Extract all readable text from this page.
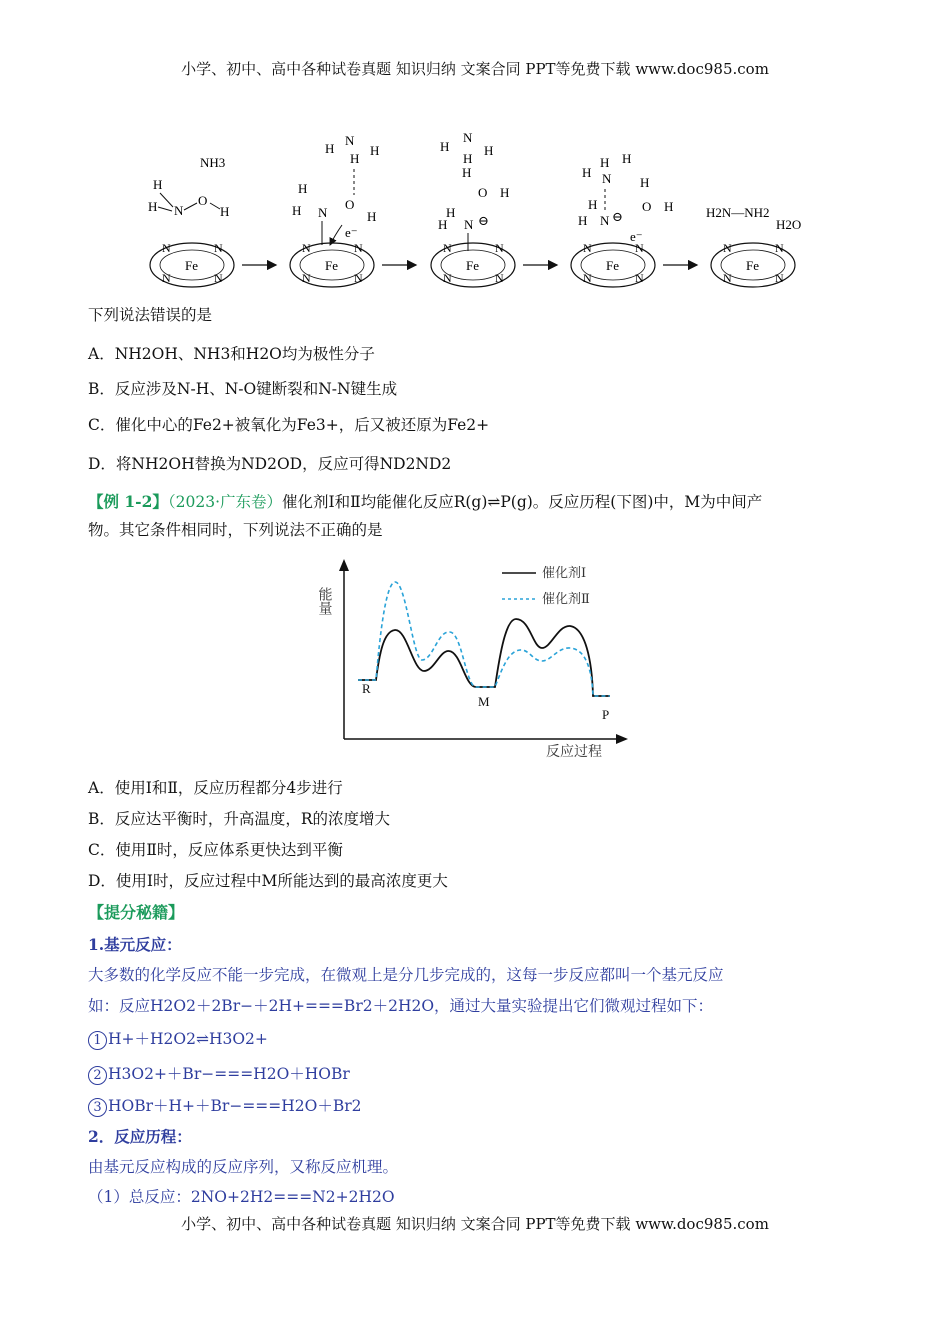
小学、初中、高中各种试卷真题 知识归纳 文案合同 PPT等免费下载 www.doc985.com
Fe
N	N
N	N
Fe
N	N
N	N
Fe
N	N
N	N
Fe
N	N
N	N
Fe
N	N
N	N
NH3
H
H N
O
H
N
H	H
H
H
H N
O
H
e⁻
N
H	H
H
H
O H
H
H N ⊖
H H
N
H
H
O H
H
H N ⊖
e⁻
H2N—NH2
H2O
下列说法错误的是
A．NH2OH、NH3和H2O均为极性分子
B．反应涉及N-H、N-O键断裂和N-N键生成
C．催化中心的Fe2+被氧化为Fe3+，后又被还原为Fe2+
D．将NH2OH替换为ND2OD，反应可得ND2ND2
【例 1-2】（2023·广东卷）催化剂Ⅰ和Ⅱ均能催化反应R(g)⇌P(g)。反应历程(下图)中，M为中间产
物。其它条件相同时，下列说法不正确的是
能量
反应过程
催化剂Ⅰ
催化剂Ⅱ
R
M
P
A．使用Ⅰ和Ⅱ，反应历程都分4步进行
B．反应达平衡时，升高温度，R的浓度增大
C．使用Ⅱ时，反应体系更快达到平衡
D．使用Ⅰ时，反应过程中M所能达到的最高浓度更大
【提分秘籍】
1.基元反应：
大多数的化学反应不能一步完成，在微观上是分几步完成的，这每一步反应都叫一个基元反应
如：反应H2O2＋2Br−＋2H+===Br2＋2H2O，通过大量实验提出它们微观过程如下：
1 H+＋H2O2⇌H3O2+
2 H3O2+＋Br−===H2O＋HOBr
3 HOBr＋H+＋Br−===H2O＋Br2
2．反应历程：
由基元反应构成的反应序列，又称反应机理。
（1）总反应：2NO+2H2===N2+2H2O
小学、初中、高中各种试卷真题 知识归纳 文案合同 PPT等免费下载 www.doc985.com
